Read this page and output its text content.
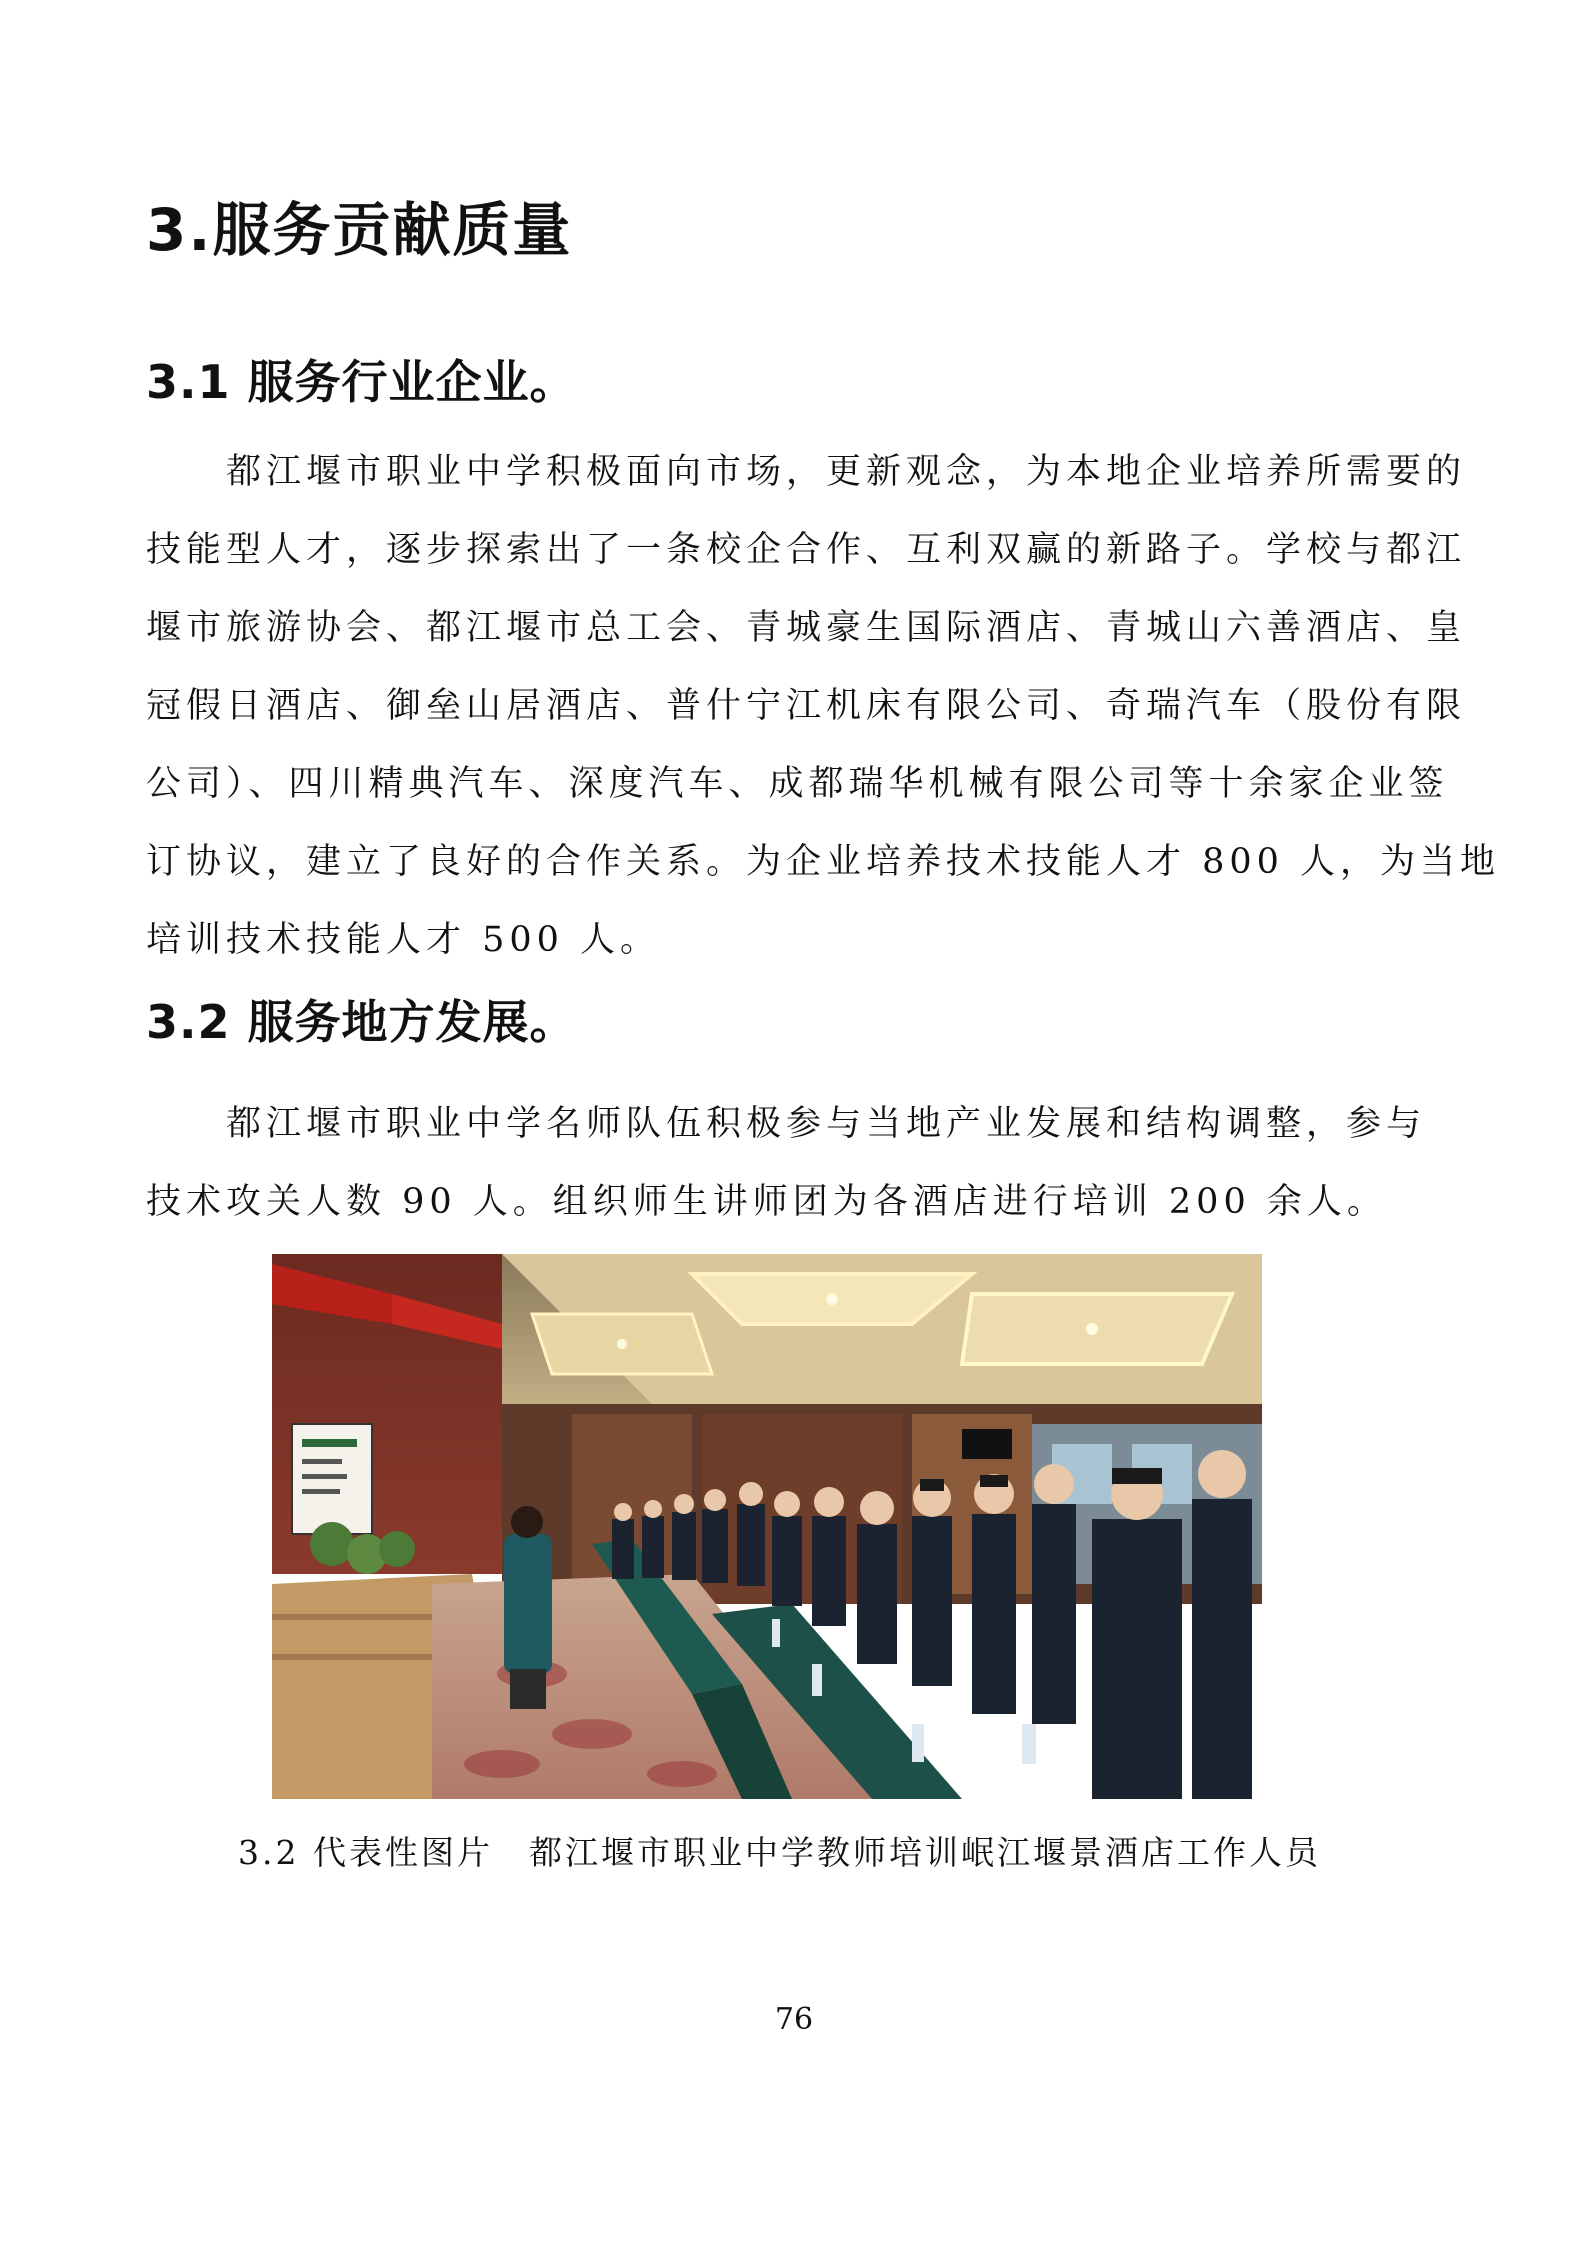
3.服务贡献质量
3.1 服务行业企业。
　　都江堰市职业中学积极面向市场，更新观念，为本地企业培养所需要的
技能型人才，逐步探索出了一条校企合作、互利双赢的新路子。学校与都江
堰市旅游协会、都江堰市总工会、青城豪生国际酒店、青城山六善酒店、皇
冠假日酒店、御垒山居酒店、普什宁江机床有限公司、奇瑞汽车（股份有限
公司）、四川精典汽车、深度汽车、成都瑞华机械有限公司等十余家企业签
订协议，建立了良好的合作关系。为企业培养技术技能人才 800 人，为当地
培训技术技能人才 500 人。
3.2 服务地方发展。
　　都江堰市职业中学名师队伍积极参与当地产业发展和结构调整，参与
技术攻关人数 90 人。组织师生讲师团为各酒店进行培训 200 余人。
3.2 代表性图片　都江堰市职业中学教师培训岷江堰景酒店工作人员
76
